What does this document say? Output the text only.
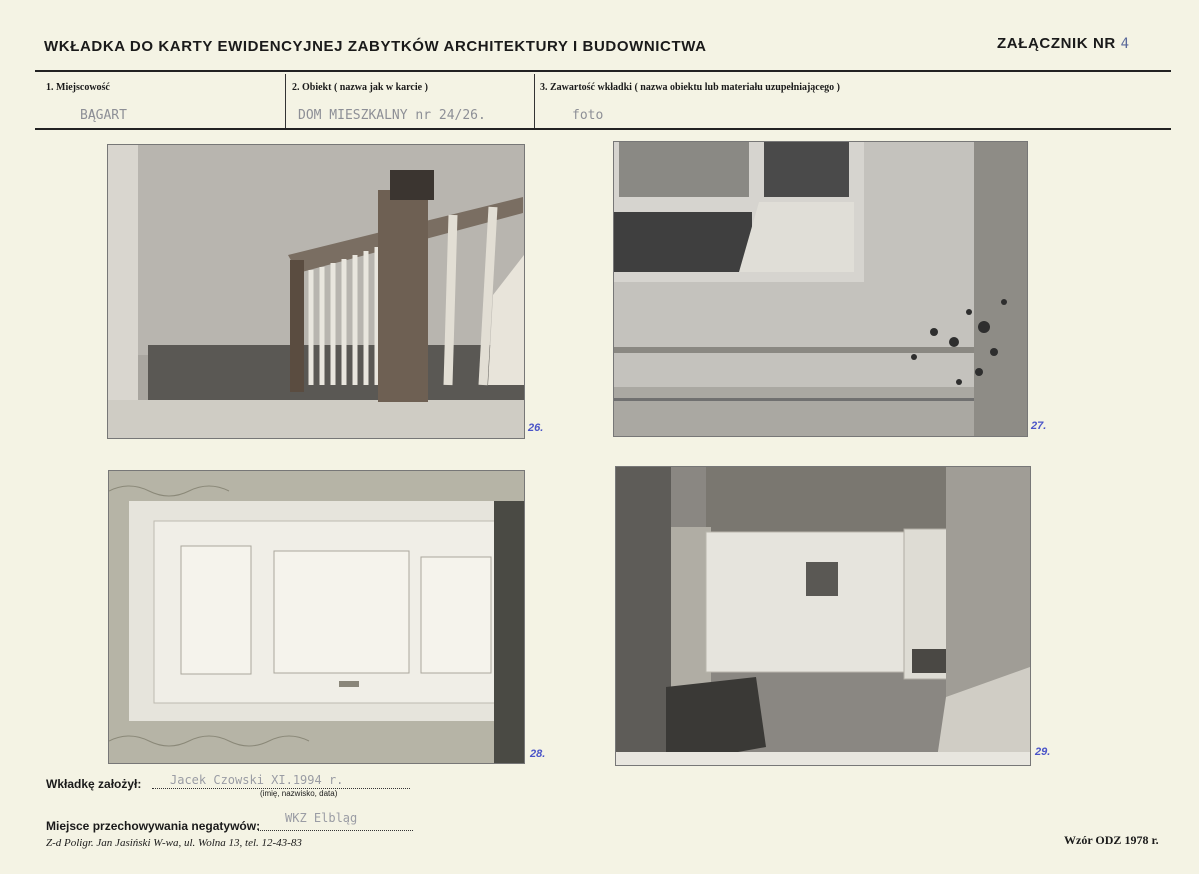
WKŁADKA DO KARTY EWIDENCYJNEJ ZABYTKÓW ARCHITEKTURY I BUDOWNICTWA	ZAŁĄCZNIK NR 4
1. Miejscowość
BĄGART
2. Obiekt ( nazwa jak w karcie )
DOM MIESZKALNY nr 24/26.
3. Zawartość wkładki ( nazwa obiektu lub materiału uzupełniającego )
foto
26.	27.
28.	29.
Wkładkę założył: Jacek Czowski XI.1994 r.
(imię, nazwisko, data)
Miejsce przechowywania negatywów:
WKZ Elbląg
Z-d Poligr. Jan Jasiński W-wa, ul. Wolna 13, tel. 12-43-83	Wzór ODZ 1978 r.
